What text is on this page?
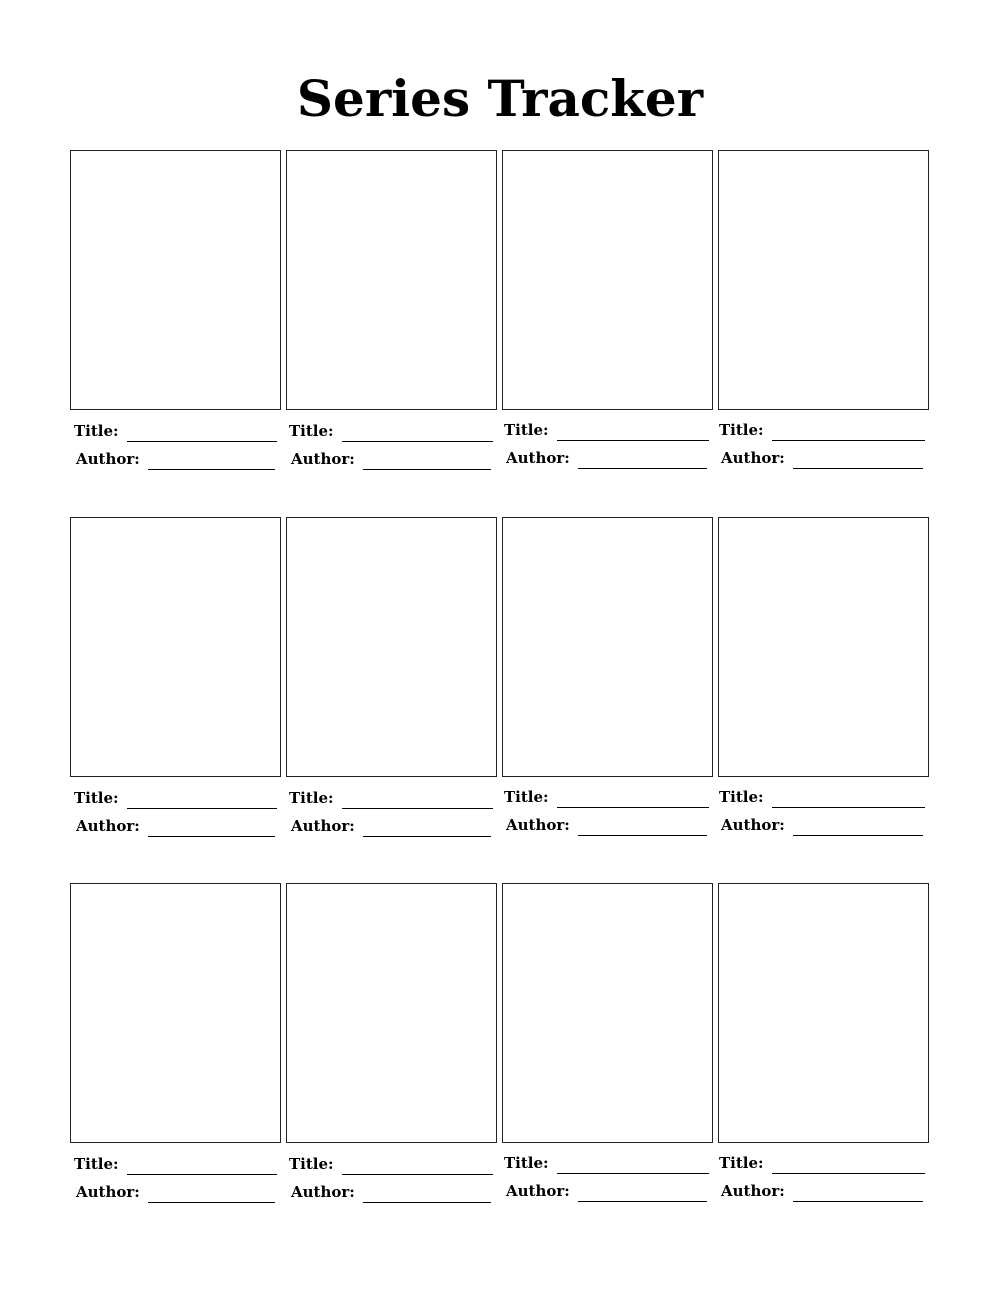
Series Tracker
Title:
Author:
Title:
Author:
Title:
Author:
Title:
Author:
Title:
Author:
Title:
Author:
Title:
Author:
Title:
Author:
Title:
Author:
Title:
Author:
Title:
Author:
Title:
Author:
